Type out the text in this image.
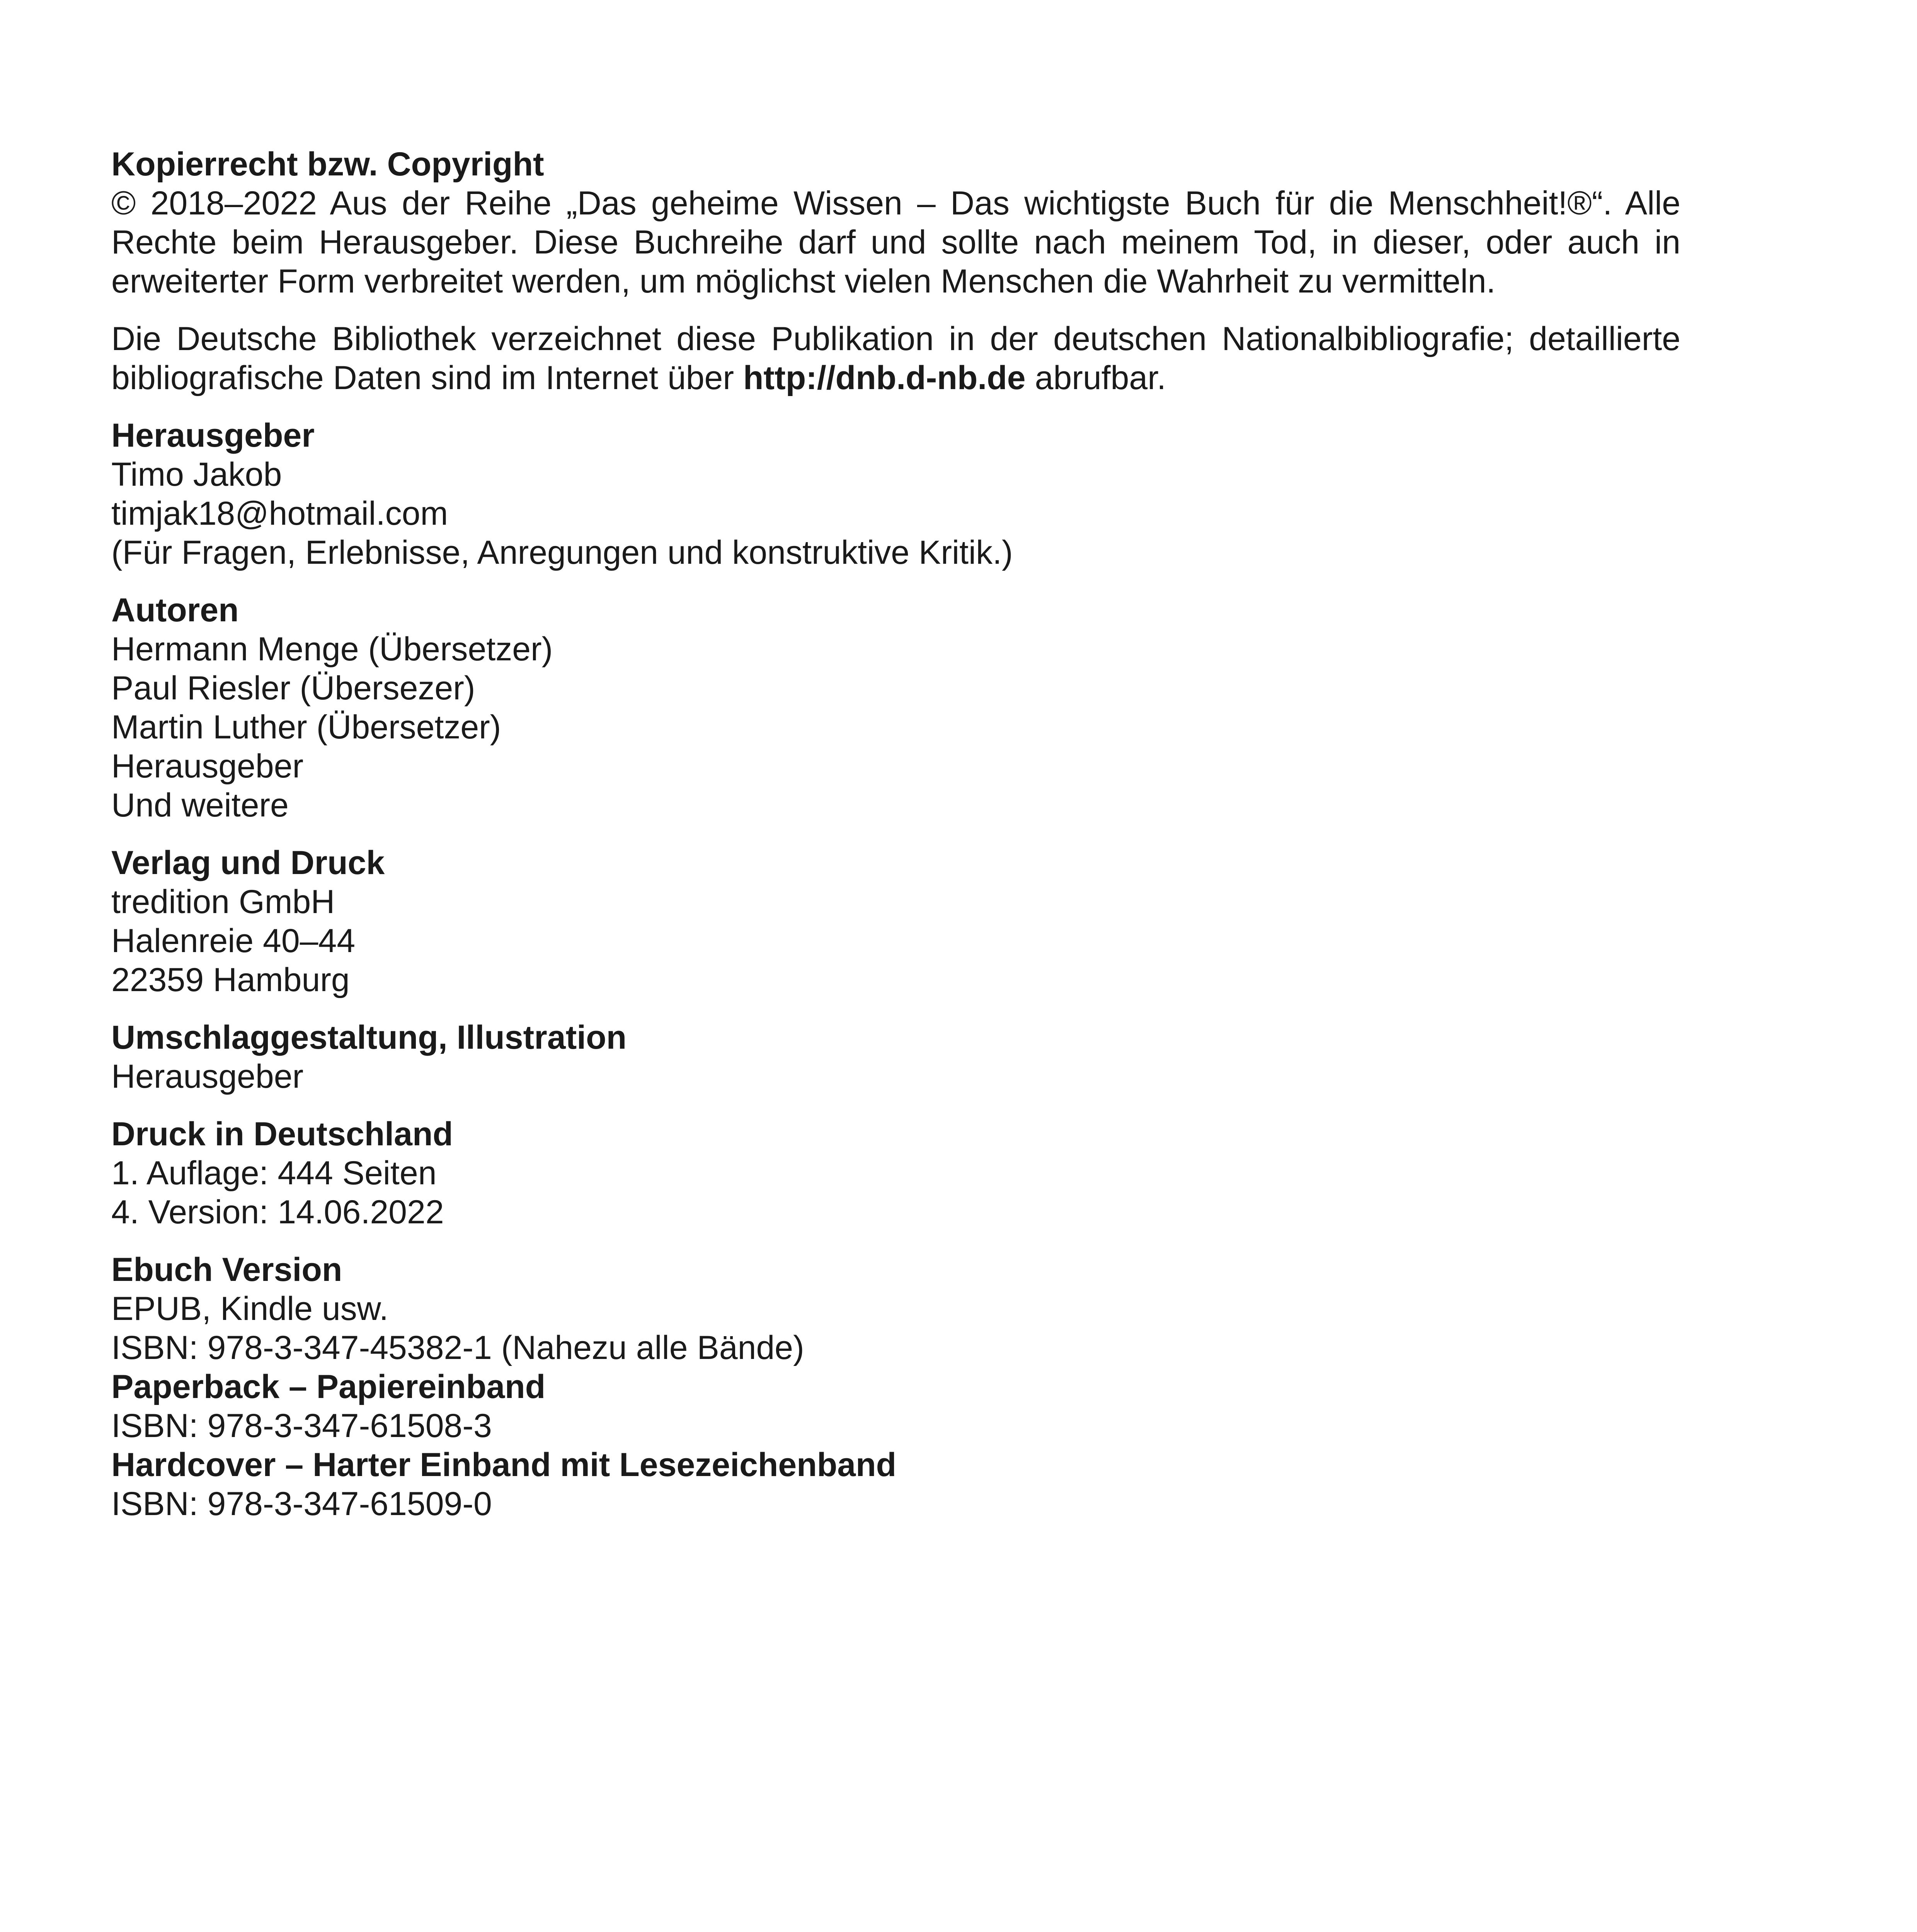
Kopierrecht bzw. Copyright

© 2018–2022 Aus der Reihe „Das geheime Wissen – Das wichtigste Buch für die Menschheit!®“. Alle Rechte beim Herausgeber. Diese Buchreihe darf und sollte nach meinem Tod, in dieser, oder auch in erweiterter Form verbreitet werden, um möglichst vielen Menschen die Wahrheit zu vermitteln.

Die Deutsche Bibliothek verzeichnet diese Publikation in der deutschen Nationalbibliografie; detaillierte bibliografische Daten sind im Internet über http://dnb.d-nb.de abrufbar.

Herausgeber

Timo Jakob

timjak18@hotmail.com

(Für Fragen, Erlebnisse, Anregungen und konstruktive Kritik.)

Autoren

Hermann Menge (Übersetzer)

Paul Riesler (Übersezer)

Martin Luther (Übersetzer)

Herausgeber

Und weitere

Verlag und Druck

tredition GmbH

Halenreie 40–44

22359 Hamburg

Umschlaggestaltung, Illustration

Herausgeber

Druck in Deutschland

1. Auflage: 444 Seiten

4. Version: 14.06.2022

Ebuch Version

EPUB, Kindle usw.

ISBN: 978-3-347-45382-1 (Nahezu alle Bände)

Paperback – Papiereinband

ISBN: 978-3-347-61508-3

Hardcover – Harter Einband mit Lesezeichenband

ISBN: 978-3-347-61509-0
